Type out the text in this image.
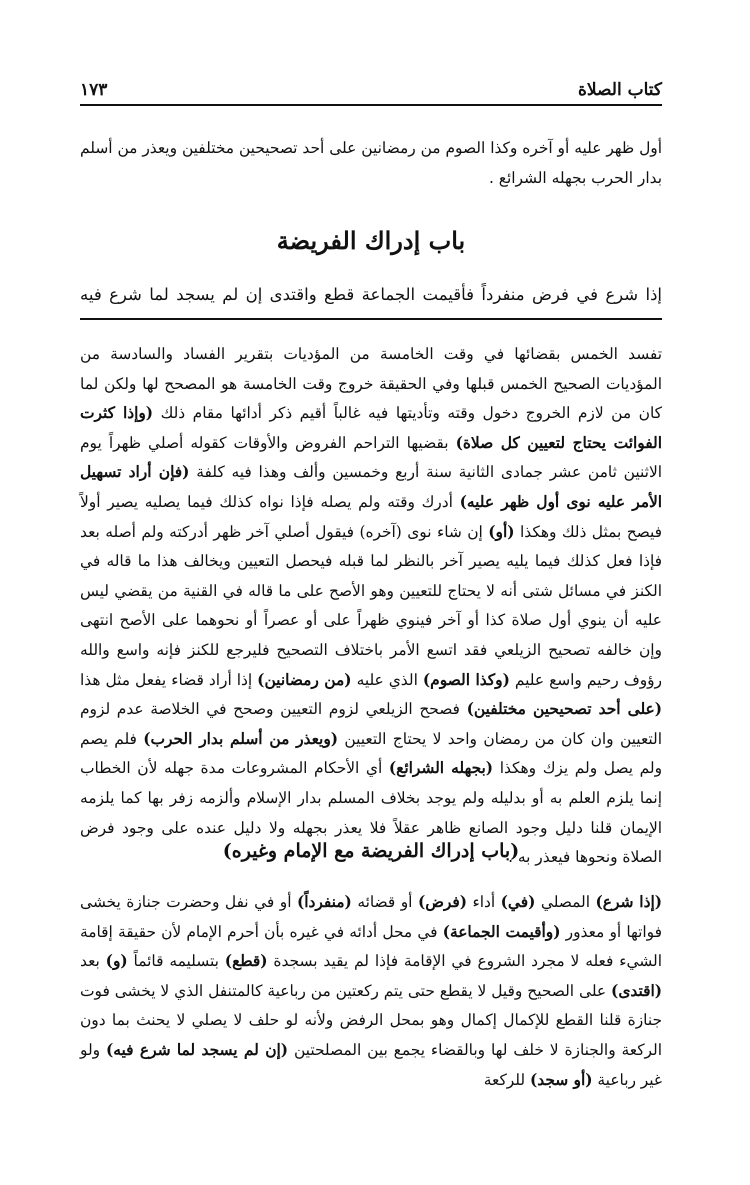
كتاب الصلاة
١٧٣

أول ظهر عليه أو آخره وكذا الصوم من رمضانين على أحد تصحيحين مختلفين ويعذر من أسلم بدار الحرب بجهله الشرائع .

باب إدراك الفريضة
إذا شرع في فرض منفرداً فأقيمت الجماعة قطع واقتدى إن لم يسجد لما شرع فيه

تفسد الخمس بقضائها في وقت الخامسة من المؤديات بتقرير الفساد والسادسة من المؤديات الصحيح الخمس قبلها وفي الحقيقة خروج وقت الخامسة هو المصحح لها ولكن لما كان من لازم الخروج دخول وقته وتأديتها فيه غالباً أقيم ذكر أدائها مقام ذلك (وإذا كثرت الفوائت يحتاج لتعيين كل صلاة) بقضيها التراحم الفروض والأوقات كقوله أصلي ظهراً يوم الاثنين ثامن عشر جمادى الثانية سنة أربع وخمسين وألف وهذا فيه كلفة (فإن أراد تسهيل الأمر عليه نوى أول ظهر عليه) أدرك وقته ولم يصله فإذا نواه كذلك فيما يصليه يصير أولاً فيصح بمثل ذلك وهكذا (أو) إن شاء نوى (آخره) فيقول أصلي آخر ظهر أدركته ولم أصله بعد فإذا فعل كذلك فيما يليه يصير آخر بالنظر لما قبله فيحصل التعيين ويخالف هذا ما قاله في الكنز في مسائل شتى أنه لا يحتاج للتعيين وهو الأصح على ما قاله في القنية من يقضي ليس عليه أن ينوي أول صلاة كذا أو آخر فينوي ظهراً على أو عصراً أو نحوهما على الأصح انتهى وإن خالفه تصحيح الزيلعي فقد اتسع الأمر باختلاف التصحيح فليرجع للكنز فإنه واسع والله رؤوف رحيم واسع عليم (وكذا الصوم) الذي عليه (من رمضانين) إذا أراد قضاء يفعل مثل هذا (على أحد تصحيحين مختلفين) فصحح الزيلعي لزوم التعيين وصحح في الخلاصة عدم لزوم التعيين وان كان من رمضان واحد لا يحتاج التعيين (ويعذر من أسلم بدار الحرب) فلم يصم ولم يصل ولم يزك وهكذا (بجهله الشرائع) أي الأحكام المشروعات مدة جهله لأن الخطاب إنما يلزم العلم به أو بدليله ولم يوجد بخلاف المسلم بدار الإسلام وألزمه زفر بها كما يلزمه الإيمان قلنا دليل وجود الصانع ظاهر عقلاً فلا يعذر بجهله ولا دليل عنده على وجود فرض الصلاة ونحوها فيعذر به .

(باب إدراك الفريضة مع الإمام وغيره)

(إذا شرع) المصلي (في) أداء (فرض) أو قضائه (منفرداً) أو في نفل وحضرت جنازة يخشى فواتها أو معذور (وأقيمت الجماعة) في محل أدائه في غيره بأن أحرم الإمام لأن حقيقة إقامة الشيء فعله لا مجرد الشروع في الإقامة فإذا لم يقيد بسجدة (قطع) بتسليمه قائماً (و) بعد (اقتدى) على الصحيح وقيل لا يقطع حتى يتم ركعتين من رباعية كالمتنفل الذي لا يخشى فوت جنازة قلنا القطع للإكمال إكمال وهو بمحل الرفض ولأنه لو حلف لا يصلي لا يحنث بما دون الركعة والجنازة لا خلف لها وبالقضاء يجمع بين المصلحتين (إن لم يسجد لما شرع فيه) ولو غير رباعية (أو سجد) للركعة
